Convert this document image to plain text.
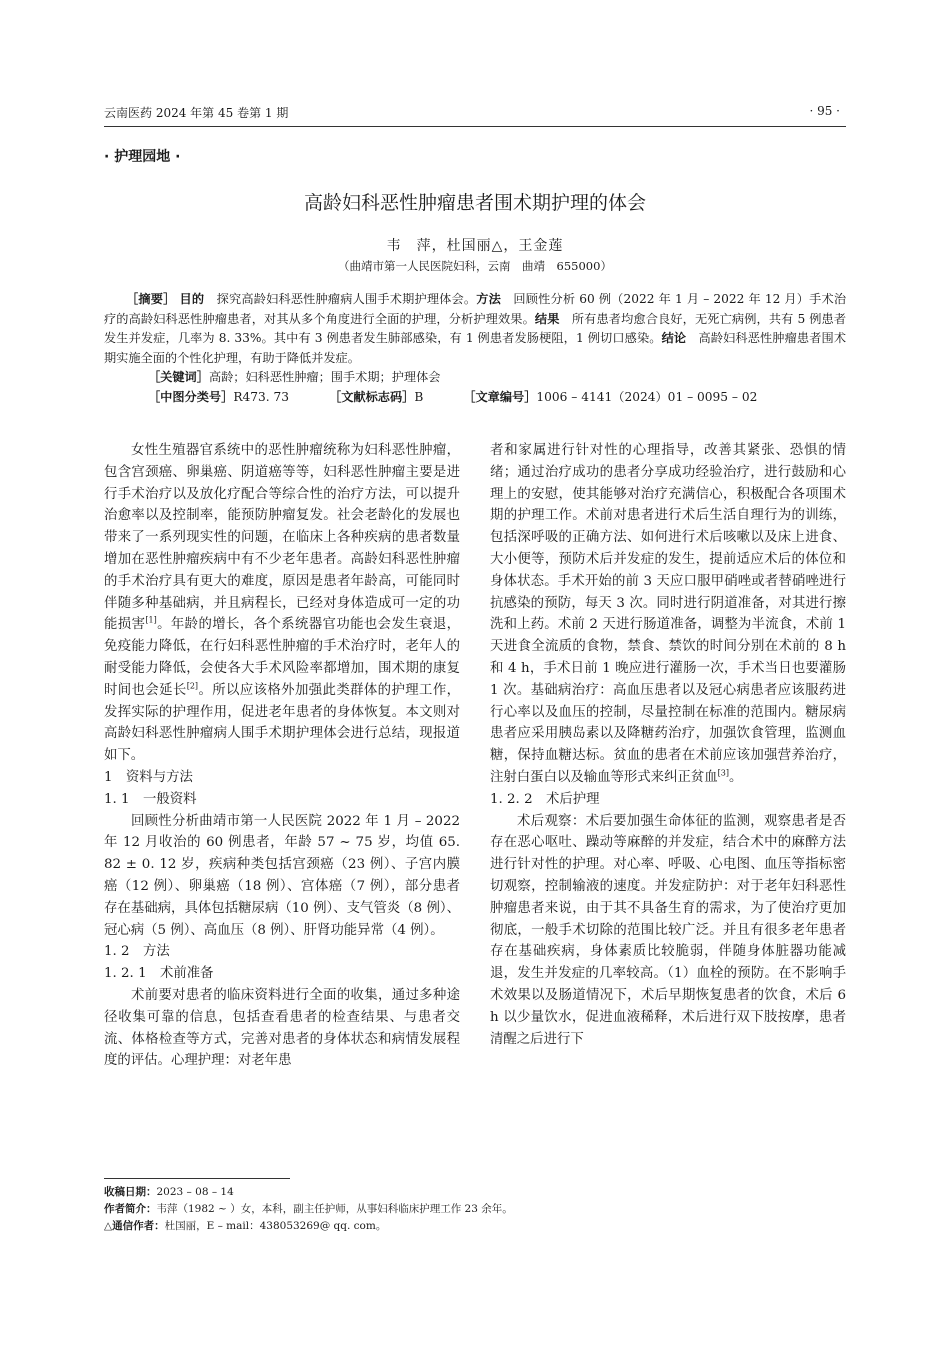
云南医药 2024 年第 45 卷第 1 期	· 95 ·
· 护理园地 ·
高龄妇科恶性肿瘤患者围术期护理的体会
韦　萍，杜国丽△，王金莲
（曲靖市第一人民医院妇科，云南　曲靖　655000）

［摘要］ 目的　 探究高龄妇科恶性肿瘤病人围手术期护理体会。方法　 回顾性分析 60 例（2022 年 1 月 – 2022 年 12 月）手术治疗的高龄妇科恶性肿瘤患者，对其从多个角度进行全面的护理，分析护理效果。结果　 所有患者均愈合良好，无死亡病例，共有 5 例患者发生并发症，几率为 8. 33%。其中有 3 例患者发生肺部感染，有 1 例患者发肠梗阻，1 例切口感染。结论　 高龄妇科恶性肿瘤患者围术期实施全面的个性化护理，有助于降低并发症。

［关键词］高龄；妇科恶性肿瘤；围手术期；护理体会

［中图分类号］R473. 73	［文献标志码］B	［文章编号］1006 – 4141（2024）01 – 0095 – 02

女性生殖器官系统中的恶性肿瘤统称为妇科恶性肿瘤，包含宫颈癌、卵巢癌、阴道癌等等，妇科恶性肿瘤主要是进行手术治疗以及放化疗配合等综合性的治疗方法，可以提升治愈率以及控制率，能预防肿瘤复发。社会老龄化的发展也带来了一系列现实性的问题，在临床上各种疾病的患者数量增加在恶性肿瘤疾病中有不少老年患者。高龄妇科恶性肿瘤的手术治疗具有更大的难度，原因是患者年龄高，可能同时伴随多种基础病，并且病程长，已经对身体造成可一定的功能损害[1]。年龄的增长，各个系统器官功能也会发生衰退，免疫能力降低，在行妇科恶性肿瘤的手术治疗时，老年人的耐受能力降低，会使各大手术风险率都增加，围术期的康复时间也会延长[2]。所以应该格外加强此类群体的护理工作，发挥实际的护理作用，促进老年患者的身体恢复。本文则对高龄妇科恶性肿瘤病人围手术期护理体会进行总结，现报道如下。

1　资料与方法

1. 1　一般资料

回顾性分析曲靖市第一人民医院 2022 年 1 月 – 2022 年 12 月收治的 60 例患者，年龄 57 ~ 75 岁，均值 65. 82 ± 0. 12 岁，疾病种类包括宫颈癌（23 例）、子宫内膜癌（12 例）、卵巢癌（18 例）、宫体癌（7 例），部分患者存在基础病，具体包括糖尿病（10 例）、支气管炎（8 例）、冠心病（5 例）、高血压（8 例）、肝肾功能异常（4 例）。

1. 2　方法

1. 2. 1　术前准备

术前要对患者的临床资料进行全面的收集，通过多种途径收集可靠的信息，包括查看患者的检查结果、与患者交流、体格检查等方式，完善对患者的身体状态和病情发展程度的评估。心理护理：对老年患

者和家属进行针对性的心理指导，改善其紧张、恐惧的情绪；通过治疗成功的患者分享成功经验治疗，进行鼓励和心理上的安慰，使其能够对治疗充满信心，积极配合各项围术期的护理工作。术前对患者进行术后生活自理行为的训练，包括深呼吸的正确方法、如何进行术后咳嗽以及床上进食、大小便等，预防术后并发症的发生，提前适应术后的体位和身体状态。手术开始的前 3 天应口服甲硝唑或者替硝唑进行抗感染的预防，每天 3 次。同时进行阴道准备，对其进行擦洗和上药。术前 2 天进行肠道准备，调整为半流食，术前 1 天进食全流质的食物，禁食、禁饮的时间分别在术前的 8 h 和 4 h，手术日前 1 晚应进行灌肠一次，手术当日也要灌肠 1 次。基础病治疗：高血压患者以及冠心病患者应该服药进行心率以及血压的控制，尽量控制在标准的范围内。糖尿病患者应采用胰岛素以及降糖药治疗，加强饮食管理，监测血糖，保持血糖达标。贫血的患者在术前应该加强营养治疗，注射白蛋白以及输血等形式来纠正贫血[3]。

1. 2. 2　术后护理

术后观察：术后要加强生命体征的监测，观察患者是否存在恶心呕吐、躁动等麻醉的并发症，结合术中的麻醉方法进行针对性的护理。对心率、呼吸、心电图、血压等指标密切观察，控制输液的速度。并发症防护：对于老年妇科恶性肿瘤患者来说，由于其不具备生育的需求，为了使治疗更加彻底，一般手术切除的范围比较广泛。并且有很多老年患者存在基础疾病，身体素质比较脆弱，伴随身体脏器功能减退，发生并发症的几率较高。（1）血栓的预防。在不影响手术效果以及肠道情况下，术后早期恢复患者的饮食，术后 6 h 以少量饮水，促进血液稀释，术后进行双下肢按摩，患者清醒之后进行下

收稿日期：2023 – 08 – 14
作者简介：韦萍（1982 ~ ）女，本科，副主任护师，从事妇科临床护理工作 23 余年。
△通信作者：杜国丽，E – mail：438053269@ qq. com。
